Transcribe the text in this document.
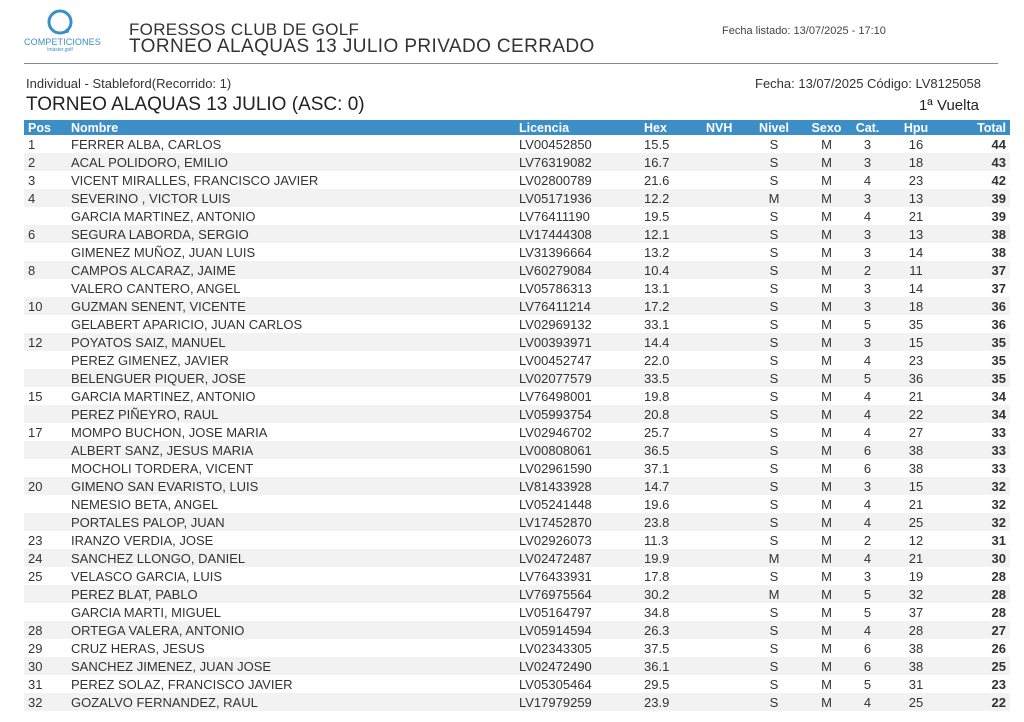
COMPETICIONES
imaster.golf
FORESSOS CLUB DE GOLF
TORNEO ALAQUAS 13 JULIO PRIVADO CERRADO
Fecha listado: 13/07/2025 - 17:10
Individual - Stableford(Recorrido: 1)	Fecha: 13/07/2025 Código: LV8125058
TORNEO ALAQUAS 13 JULIO (ASC: 0)	1ª Vuelta
Pos	Nombre	Licencia	Hex	NVH	Nivel	Sexo	Cat.	Hpu	Total
1	FERRER ALBA, CARLOS	LV00452850	15.5		S	M	3	16	44
2	ACAL POLIDORO, EMILIO	LV76319082	16.7		S	M	3	18	43
3	VICENT MIRALLES, FRANCISCO JAVIER	LV02800789	21.6		S	M	4	23	42
4	SEVERINO , VICTOR LUIS	LV05171936	12.2		M	M	3	13	39
	GARCIA MARTINEZ, ANTONIO	LV76411190	19.5		S	M	4	21	39
6	SEGURA LABORDA, SERGIO	LV17444308	12.1		S	M	3	13	38
	GIMENEZ MUÑOZ, JUAN LUIS	LV31396664	13.2		S	M	3	14	38
8	CAMPOS ALCARAZ, JAIME	LV60279084	10.4		S	M	2	11	37
	VALERO CANTERO, ANGEL	LV05786313	13.1		S	M	3	14	37
10	GUZMAN SENENT, VICENTE	LV76411214	17.2		S	M	3	18	36
	GELABERT APARICIO, JUAN CARLOS	LV02969132	33.1		S	M	5	35	36
12	POYATOS SAIZ, MANUEL	LV00393971	14.4		S	M	3	15	35
	PEREZ GIMENEZ, JAVIER	LV00452747	22.0		S	M	4	23	35
	BELENGUER PIQUER, JOSE	LV02077579	33.5		S	M	5	36	35
15	GARCIA MARTINEZ, ANTONIO	LV76498001	19.8		S	M	4	21	34
	PEREZ PIÑEYRO, RAUL	LV05993754	20.8		S	M	4	22	34
17	MOMPO BUCHON, JOSE MARIA	LV02946702	25.7		S	M	4	27	33
	ALBERT SANZ, JESUS MARIA	LV00808061	36.5		S	M	6	38	33
	MOCHOLI TORDERA, VICENT	LV02961590	37.1		S	M	6	38	33
20	GIMENO SAN EVARISTO, LUIS	LV81433928	14.7		S	M	3	15	32
	NEMESIO BETA, ANGEL	LV05241448	19.6		S	M	4	21	32
	PORTALES PALOP, JUAN	LV17452870	23.8		S	M	4	25	32
23	IRANZO VERDIA, JOSE	LV02926073	11.3		S	M	2	12	31
24	SANCHEZ LLONGO, DANIEL	LV02472487	19.9		M	M	4	21	30
25	VELASCO GARCIA, LUIS	LV76433931	17.8		S	M	3	19	28
	PEREZ BLAT, PABLO	LV76975564	30.2		M	M	5	32	28
	GARCIA MARTI, MIGUEL	LV05164797	34.8		S	M	5	37	28
28	ORTEGA VALERA, ANTONIO	LV05914594	26.3		S	M	4	28	27
29	CRUZ HERAS, JESUS	LV02343305	37.5		S	M	6	38	26
30	SANCHEZ JIMENEZ, JUAN JOSE	LV02472490	36.1		S	M	6	38	25
31	PEREZ SOLAZ, FRANCISCO JAVIER	LV05305464	29.5		S	M	5	31	23
32	GOZALVO FERNANDEZ, RAUL	LV17979259	23.9		S	M	4	25	22
